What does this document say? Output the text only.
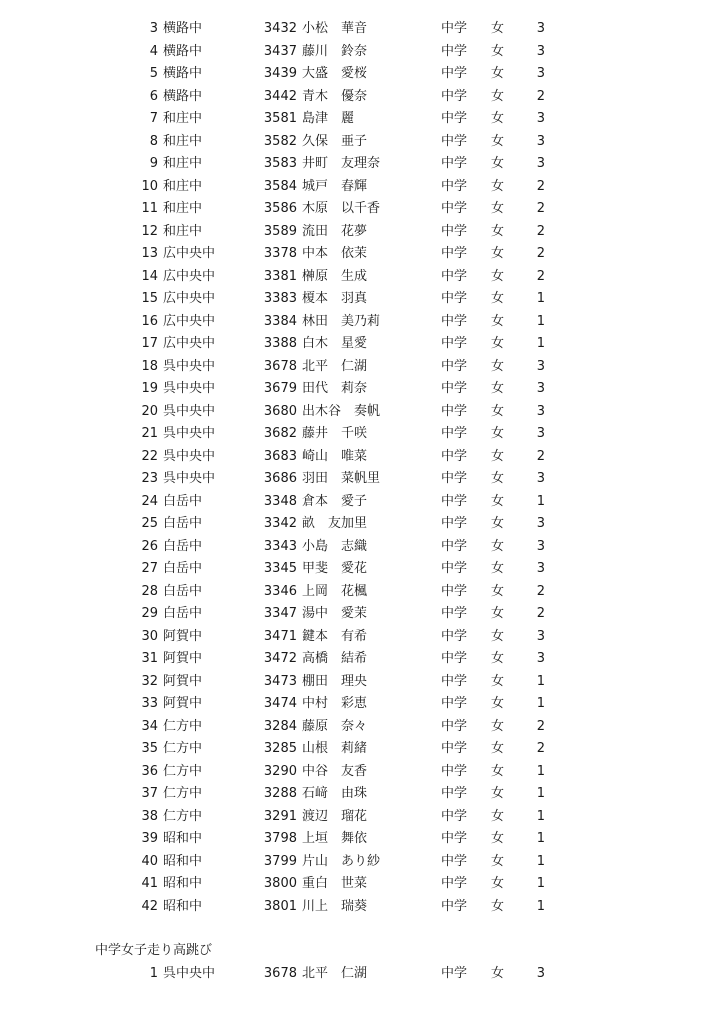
3 横路中	3432 小松　華音	中学 女	3
4 横路中	3437 藤川　鈴奈	中学 女	3
5 横路中	3439 大盛　愛桜	中学 女	3
6 横路中	3442 青木　優奈	中学 女	2
7 和庄中	3581 島津　麗	中学 女	3
8 和庄中	3582 久保　亜子	中学 女	3
9 和庄中	3583 井町　友理奈	中学 女	3
10 和庄中	3584 城戸　春輝	中学 女	2
11 和庄中	3586 木原　以千香	中学 女	2
12 和庄中	3589 流田　花夢	中学 女	2
13 広中央中	3378 中本　依茉	中学 女	2
14 広中央中	3381 榊原　生成	中学 女	2
15 広中央中	3383 榎本　羽真	中学 女	1
16 広中央中	3384 林田　美乃莉	中学 女	1
17 広中央中	3388 白木　星愛	中学 女	1
18 呉中央中	3678 北平　仁湖	中学 女	3
19 呉中央中	3679 田代　莉奈	中学 女	3
20 呉中央中	3680 出木谷　奏帆	中学 女	3
21 呉中央中	3682 藤井　千咲	中学 女	3
22 呉中央中	3683 崎山　唯菜	中学 女	2
23 呉中央中	3686 羽田　菜帆里	中学 女	3
24 白岳中	3348 倉本　愛子	中学 女	1
25 白岳中	3342 畝　友加里	中学 女	3
26 白岳中	3343 小島　志織	中学 女	3
27 白岳中	3345 甲斐　愛花	中学 女	3
28 白岳中	3346 上岡　花楓	中学 女	2
29 白岳中	3347 湯中　愛茉	中学 女	2
30 阿賀中	3471 鍵本　有希	中学 女	3
31 阿賀中	3472 高橋　結希	中学 女	3
32 阿賀中	3473 棚田　理央	中学 女	1
33 阿賀中	3474 中村　彩恵	中学 女	1
34 仁方中	3284 藤原　奈々	中学 女	2
35 仁方中	3285 山根　莉緒	中学 女	2
36 仁方中	3290 中谷　友香	中学 女	1
37 仁方中	3288 石﨑　由珠	中学 女	1
38 仁方中	3291 渡辺　瑠花	中学 女	1
39 昭和中	3798 上垣　舞依	中学 女	1
40 昭和中	3799 片山　あり紗	中学 女	1
41 昭和中	3800 重白　世菜	中学 女	1
42 昭和中	3801 川上　瑞葵	中学 女	1
中学女子走り高跳び
1 呉中央中	3678 北平　仁湖	中学 女	3
